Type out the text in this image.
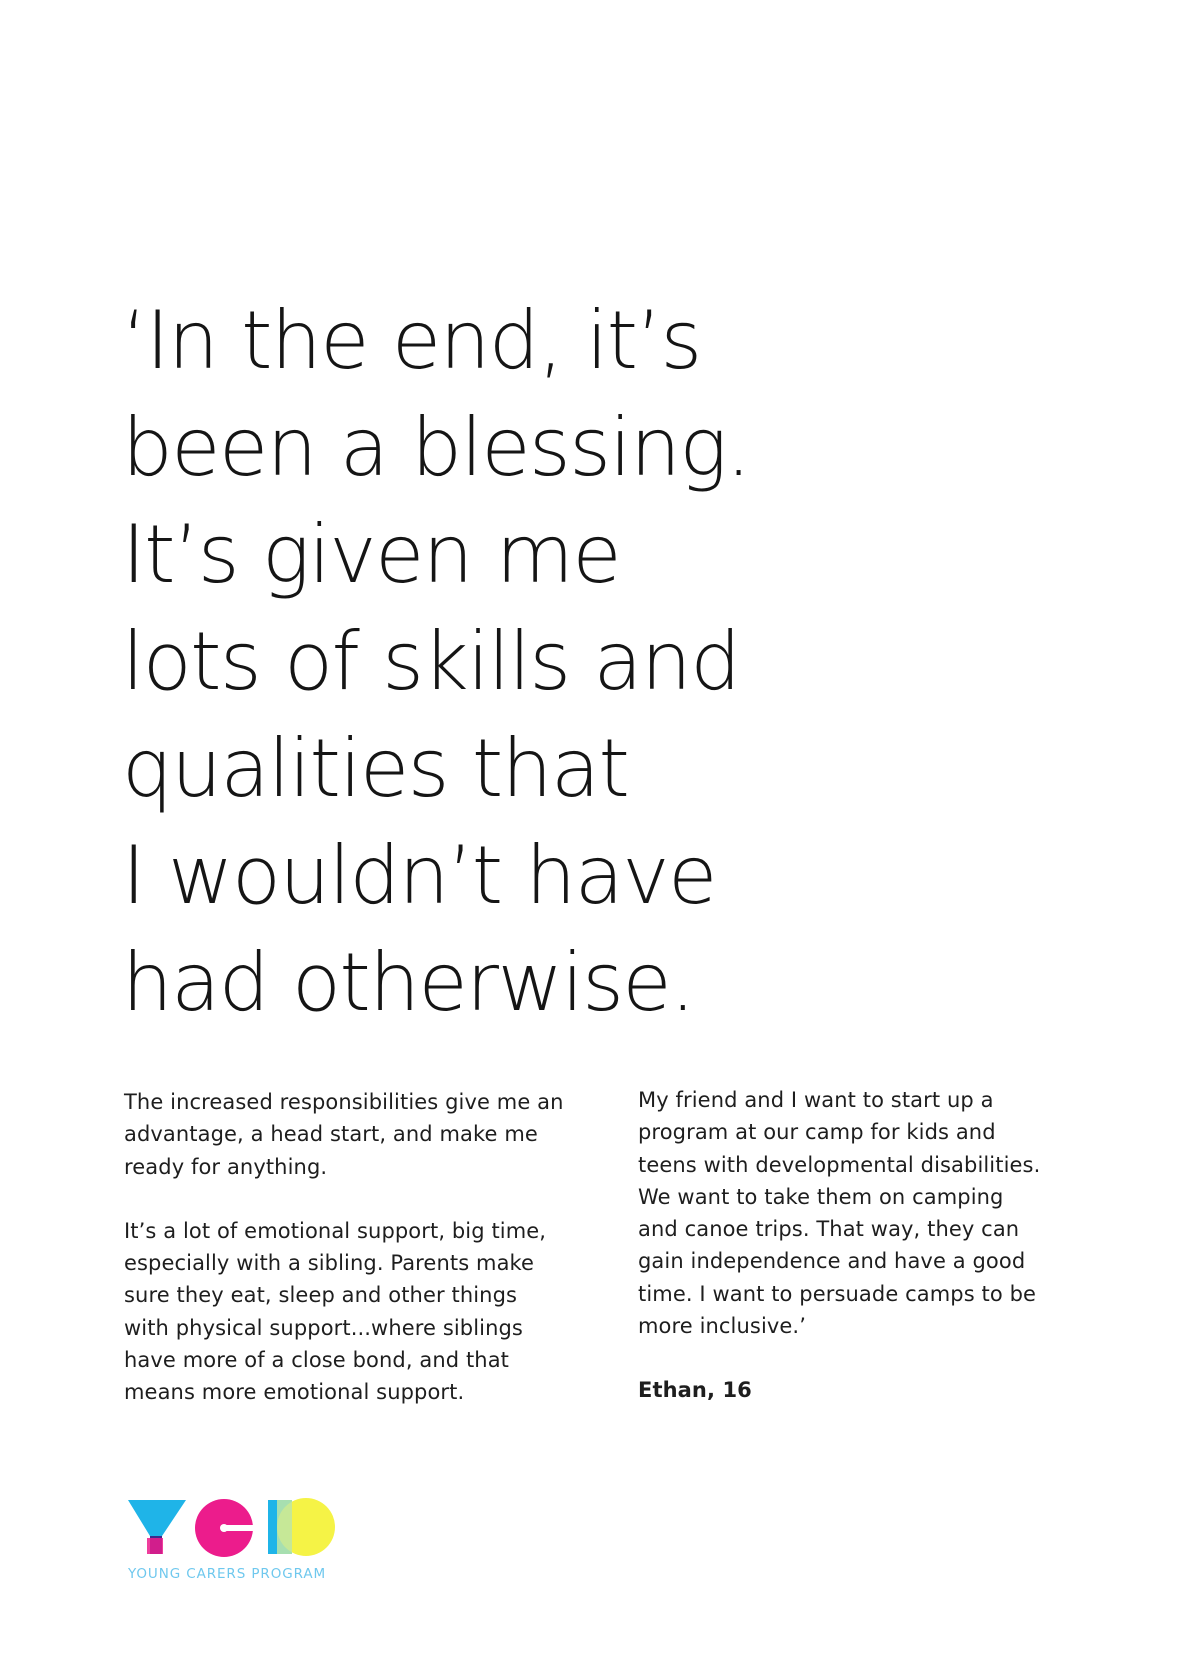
‘In the end, it’s
been a blessing.
It’s given me
lots of skills and
qualities that
I wouldn’t have
had otherwise.

The increased responsibilities give me an
advantage, a head start, and make me
ready for anything.

It’s a lot of emotional support, big time,
especially with a sibling. Parents make
sure they eat, sleep and other things
with physical support...where siblings
have more of a close bond, and that
means more emotional support.

My friend and I want to start up a
program at our camp for kids and
teens with developmental disabilities.
We want to take them on camping
and canoe trips. That way, they can
gain independence and have a good
time. I want to persuade camps to be
more inclusive.’

Ethan, 16
YOUNG CARERS PROGRAM
